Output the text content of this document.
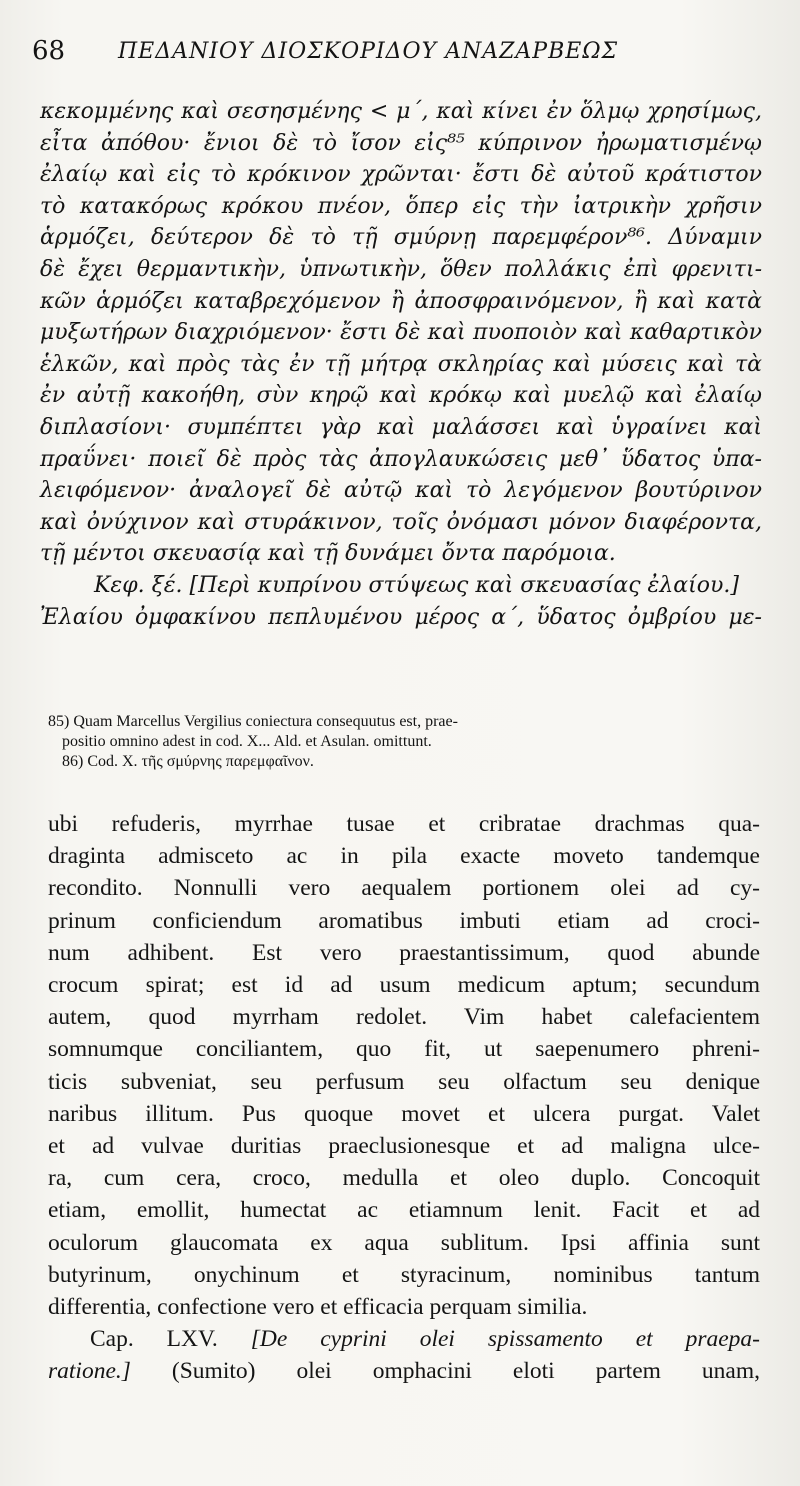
68 ΠΕΔΑΝΙΟΥ ΔΙΟΣΚΟΡΙΔΟΥ ΑΝΑΖΑΡΒΕΩΣ
κεκομμένης καὶ σεσησμένης < μ΄, καὶ κίνει ἐν ὅλμῳ χρησίμως,
εἶτα ἀπόθου· ἔνιοι δὲ τὸ ἴσον εἰς⁸⁵ κύπρινον ἠρωματισμένῳ
ἐλαίῳ καὶ εἰς τὸ κρόκινον χρῶνται· ἔστι δὲ αὐτοῦ κράτιστον
τὸ κατακόρως κρόκου πνέον, ὅπερ εἰς τὴν ἰατρικὴν χρῆσιν
ἁρμόζει, δεύτερον δὲ τὸ τῇ σμύρνῃ παρεμφέρον⁸⁶. Δύναμιν
δὲ ἔχει θερμαντικὴν, ὑπνωτικὴν, ὅθεν πολλάκις ἐπὶ φρενιτι-
κῶν ἁρμόζει καταβρεχόμενον ἢ ἀποσφραινόμενον, ἢ καὶ κατὰ
μυξωτήρων διαχριόμενον· ἔστι δὲ καὶ πυοποιὸν καὶ καθαρτικὸν
ἑλκῶν, καὶ πρὸς τὰς ἐν τῇ μήτρᾳ σκληρίας καὶ μύσεις καὶ τὰ
ἐν αὐτῇ κακοήθη, σὺν κηρῷ καὶ κρόκῳ καὶ μυελῷ καὶ ἐλαίῳ
διπλασίονι· συμπέπτει γὰρ καὶ μαλάσσει καὶ ὑγραίνει καὶ
πραΰνει· ποιεῖ δὲ πρὸς τὰς ἀπογλαυκώσεις μεθ᾿ ὕδατος ὑπα-
λειφόμενον· ἀναλογεῖ δὲ αὐτῷ καὶ τὸ λεγόμενον βουτύρινον
καὶ ὀνύχινον καὶ στυράκινον, τοῖς ὀνόμασι μόνον διαφέροντα,
τῇ μέντοι σκευασίᾳ καὶ τῇ δυνάμει ὄντα παρόμοια.
Κεφ. ξέ. [Περὶ κυπρίνου στύψεως καὶ σκευασίας ἐλαίου.]
Ἐλαίου ὀμφακίνου πεπλυμένου μέρος α΄, ὕδατος ὀμβρίου με-
85) Quam Marcellus Vergilius coniectura consequutus est, prae-
positio omnino adest in cod. X... Ald. et Asulan. omittunt.
86) Cod. X. τῆς σμύρνης παρεμφαῖνον.
ubi refuderis, myrrhae tusae et cribratae drachmas qua-
draginta admisceto ac in pila exacte moveto tandemque
recondito. Nonnulli vero aequalem portionem olei ad cy-
prinum conficiendum aromatibus imbuti etiam ad croci-
num adhibent. Est vero praestantissimum, quod abunde
crocum spirat; est id ad usum medicum aptum; secundum
autem, quod myrrham redolet. Vim habet calefacientem
somnumque conciliantem, quo fit, ut saepenumero phreni-
ticis subveniat, seu perfusum seu olfactum seu denique
naribus illitum. Pus quoque movet et ulcera purgat. Valet
et ad vulvae duritias praeclusionesque et ad maligna ulce-
ra, cum cera, croco, medulla et oleo duplo. Concoquit
etiam, emollit, humectat ac etiamnum lenit. Facit et ad
oculorum glaucomata ex aqua sublitum. Ipsi affinia sunt
butyrinum, onychinum et styracinum, nominibus tantum
differentia, confectione vero et efficacia perquam similia.
Cap. LXV. [De cyprini olei spissamento et praepa-
ratione.] (Sumito) olei omphacini eloti partem unam,
